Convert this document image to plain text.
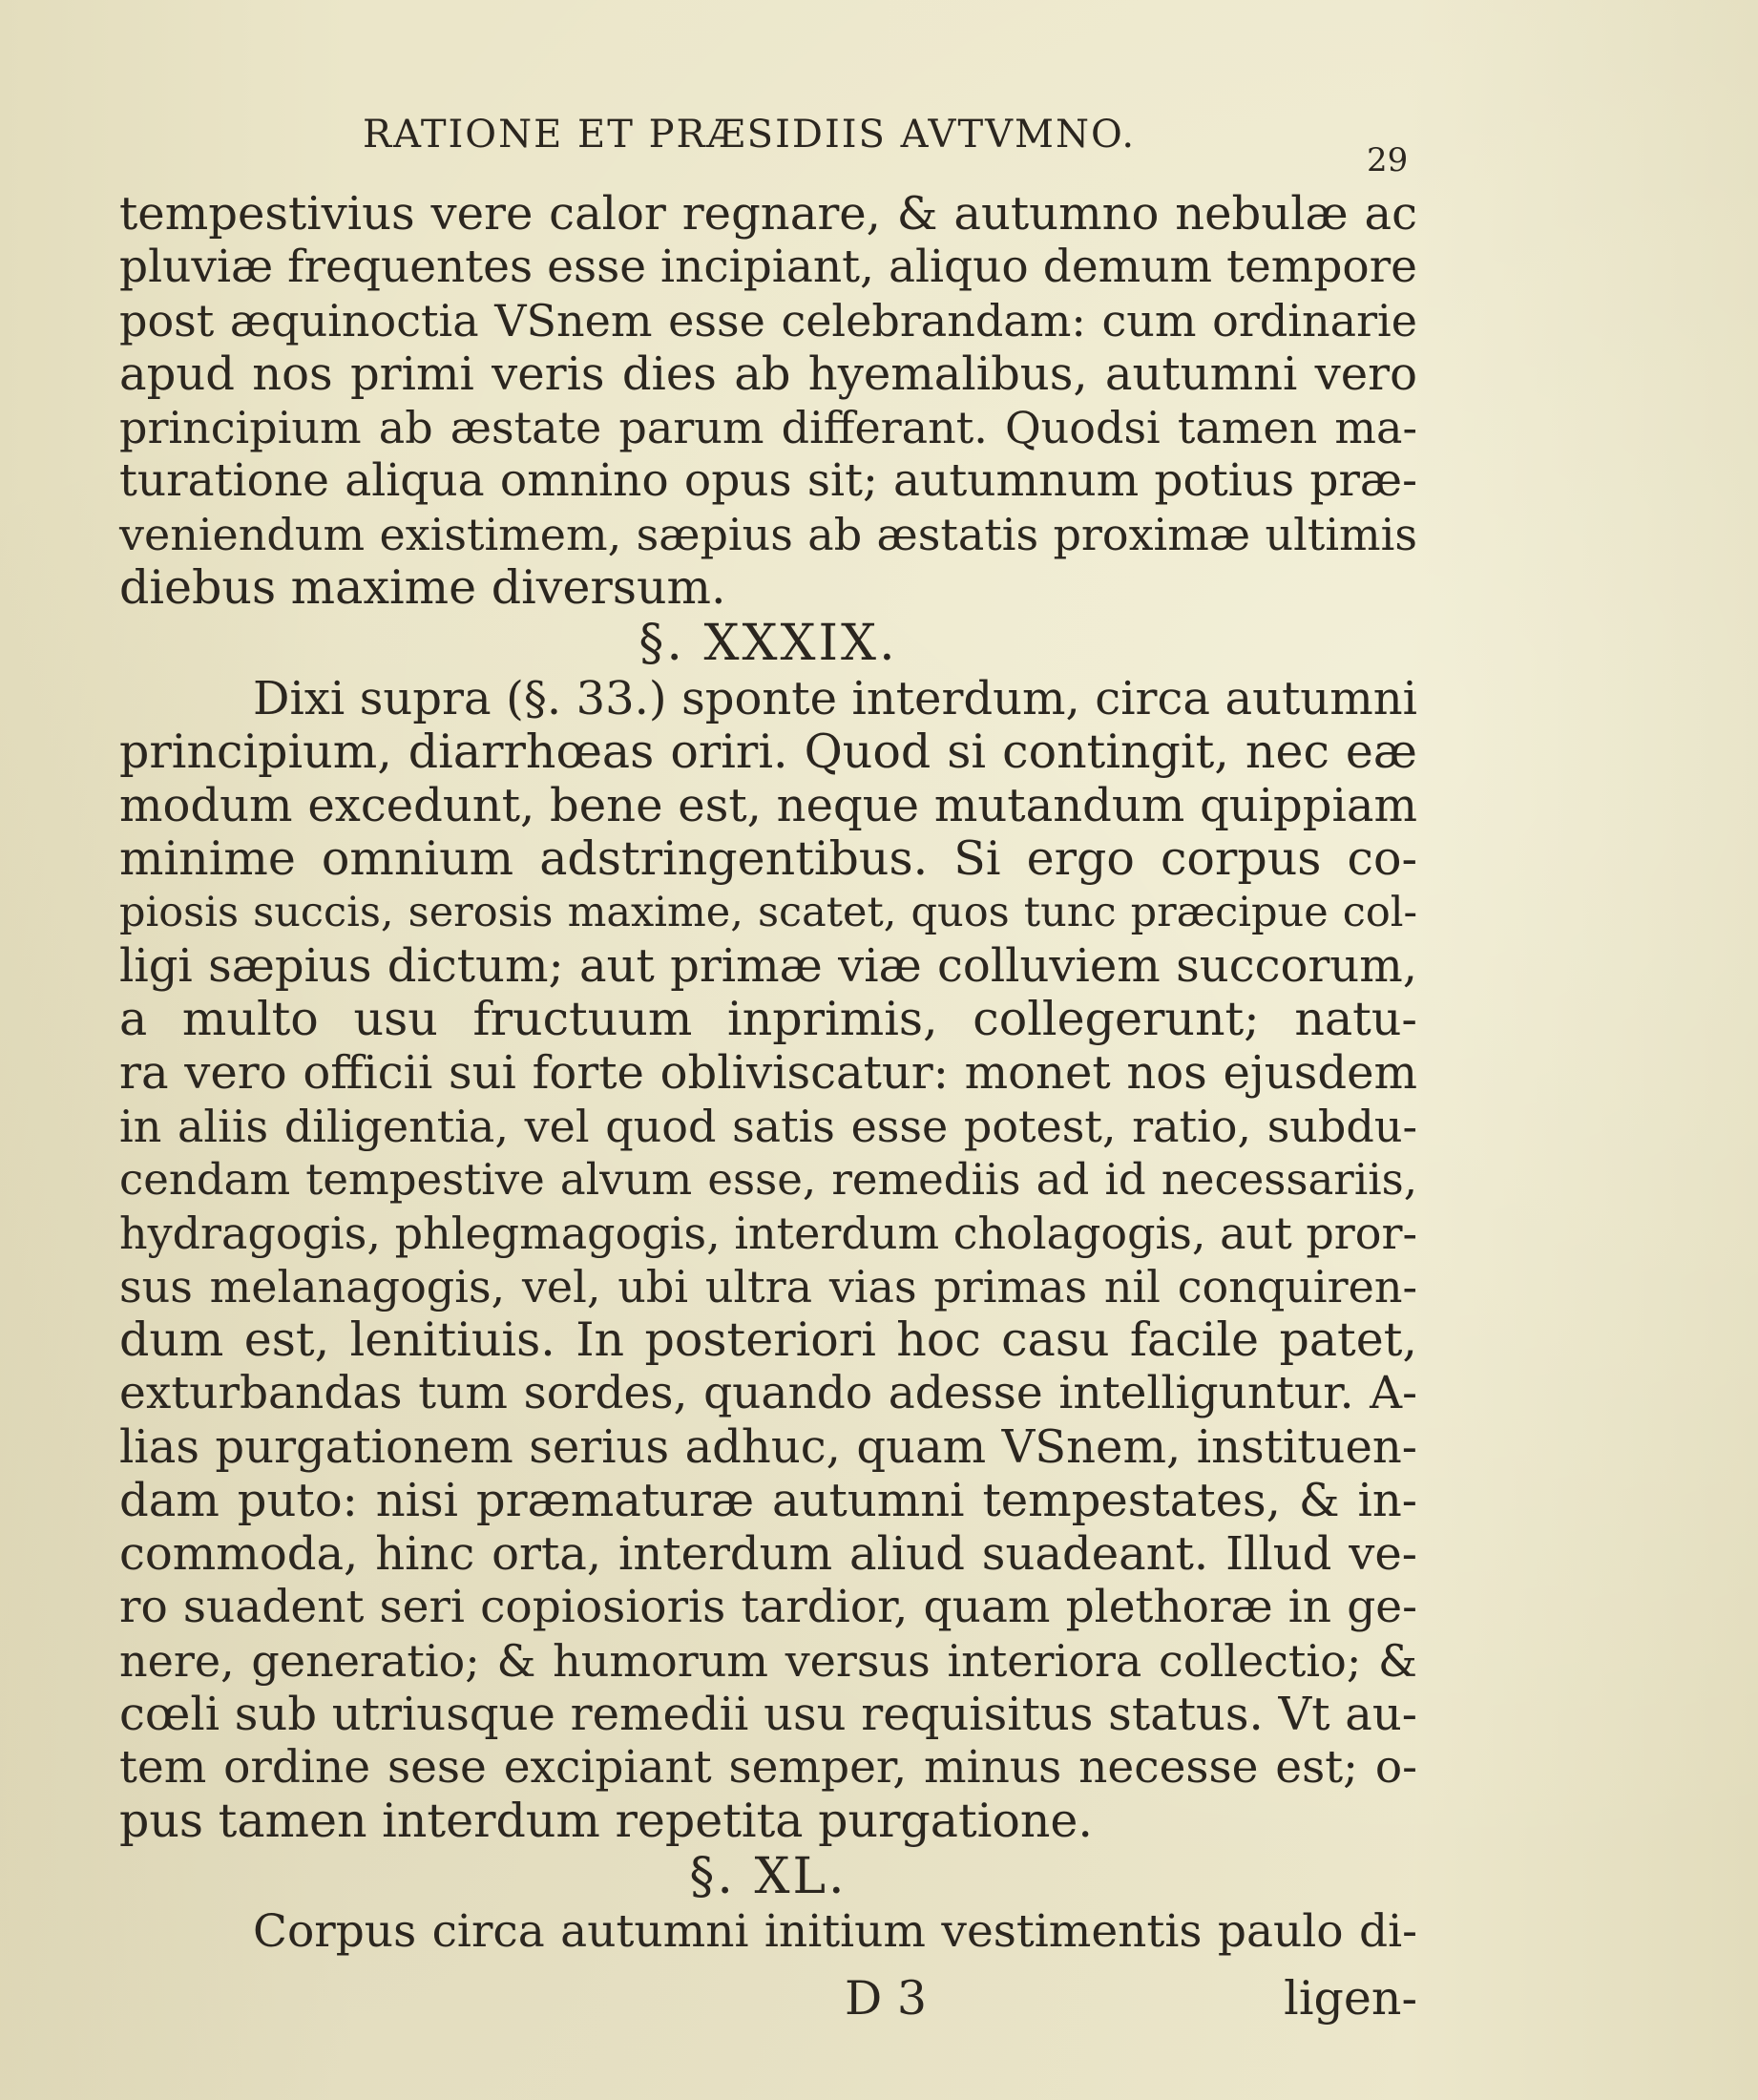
RATIONE ET PRÆSIDIIS AVTVMNO.
29
tempestivius vere calor regnare, & autumno nebulæ ac
pluviæ frequentes esse incipiant, aliquo demum tempore
post æquinoctia VSnem esse celebrandam: cum ordinarie
apud nos primi veris dies ab hyemalibus, autumni vero
principium ab æstate parum differant. Quodsi tamen ma-
turatione aliqua omnino opus sit; autumnum potius præ-
veniendum existimem, sæpius ab æstatis proximæ ultimis
diebus maxime diversum.
§. XXXIX.
Dixi supra (§. 33.) sponte interdum, circa autumni
principium, diarrhœas oriri. Quod si contingit, nec eæ
modum excedunt, bene est, neque mutandum quippiam
minime omnium adstringentibus. Si ergo corpus co-
piosis succis, serosis maxime, scatet, quos tunc præcipue col-
ligi sæpius dictum; aut primæ viæ colluviem succorum,
a multo usu fructuum inprimis, collegerunt; natu-
ra vero officii sui forte obliviscatur: monet nos ejusdem
in aliis diligentia, vel quod satis esse potest, ratio, subdu-
cendam tempestive alvum esse, remediis ad id necessariis,
hydragogis, phlegmagogis, interdum cholagogis, aut pror-
sus melanagogis, vel, ubi ultra vias primas nil conquiren-
dum est, lenitiuis. In posteriori hoc casu facile patet,
exturbandas tum sordes, quando adesse intelliguntur. A-
lias purgationem serius adhuc, quam VSnem, instituen-
dam puto: nisi præmaturæ autumni tempestates, & in-
commoda, hinc orta, interdum aliud suadeant. Illud ve-
ro suadent seri copiosioris tardior, quam plethoræ in ge-
nere, generatio; & humorum versus interiora collectio; &
cœli sub utriusque remedii usu requisitus status. Vt au-
tem ordine sese excipiant semper, minus necesse est; o-
pus tamen interdum repetita purgatione.
§. XL.
Corpus circa autumni initium vestimentis paulo di-
D 3	ligen-
